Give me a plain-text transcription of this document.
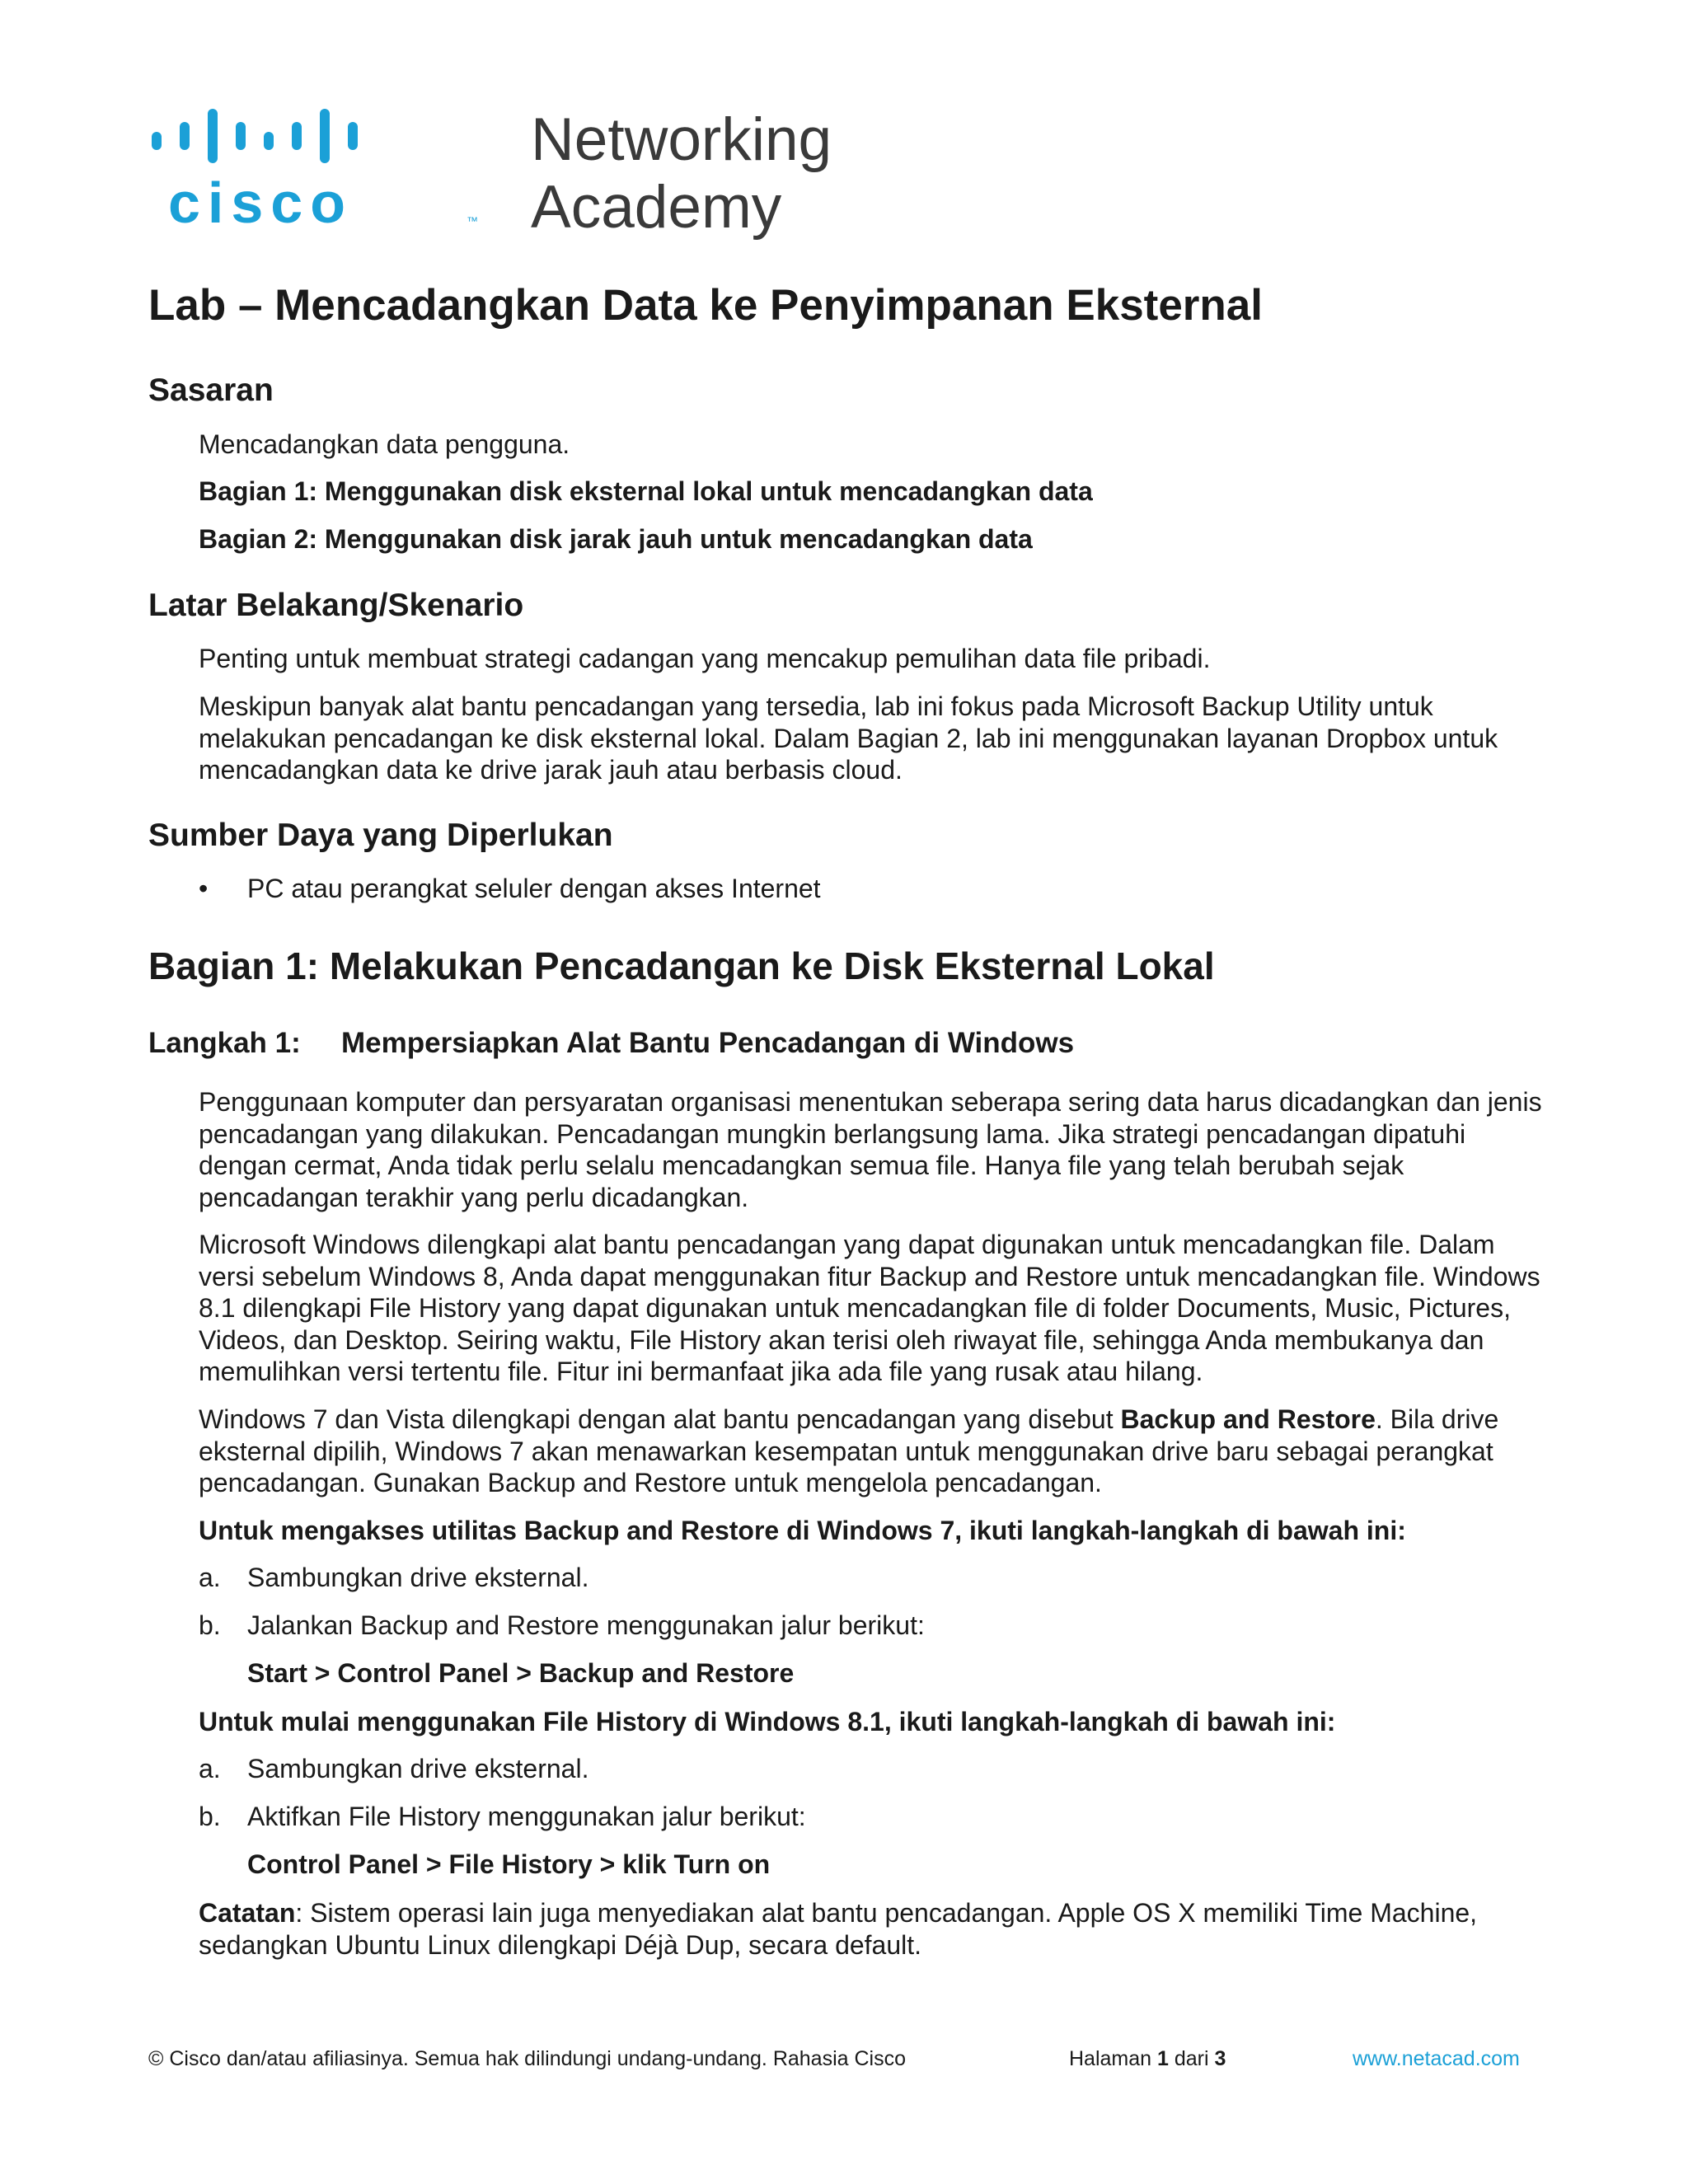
cisco	™
Networking
Academy
Lab – Mencadangkan Data ke Penyimpanan Eksternal
Sasaran

Mencadangkan data pengguna.

Bagian 1: Menggunakan disk eksternal lokal untuk mencadangkan data

Bagian 2: Menggunakan disk jarak jauh untuk mencadangkan data

Latar Belakang/Skenario

Penting untuk membuat strategi cadangan yang mencakup pemulihan data file pribadi.

Meskipun banyak alat bantu pencadangan yang tersedia, lab ini fokus pada Microsoft Backup Utility untuk melakukan pencadangan ke disk eksternal lokal. Dalam Bagian 2, lab ini menggunakan layanan Dropbox untuk mencadangkan data ke drive jarak jauh atau berbasis cloud.

Sumber Daya yang Diperlukan
• PC atau perangkat seluler dengan akses Internet
Bagian 1: Melakukan Pencadangan ke Disk Eksternal Lokal
Langkah 1: Mempersiapkan Alat Bantu Pencadangan di Windows

Penggunaan komputer dan persyaratan organisasi menentukan seberapa sering data harus dicadangkan dan jenis pencadangan yang dilakukan. Pencadangan mungkin berlangsung lama. Jika strategi pencadangan dipatuhi dengan cermat, Anda tidak perlu selalu mencadangkan semua file. Hanya file yang telah berubah sejak pencadangan terakhir yang perlu dicadangkan.

Microsoft Windows dilengkapi alat bantu pencadangan yang dapat digunakan untuk mencadangkan file. Dalam versi sebelum Windows 8, Anda dapat menggunakan fitur Backup and Restore untuk mencadangkan file. Windows 8.1 dilengkapi File History yang dapat digunakan untuk mencadangkan file di folder Documents, Music, Pictures, Videos, dan Desktop. Seiring waktu, File History akan terisi oleh riwayat file, sehingga Anda membukanya dan memulihkan versi tertentu file. Fitur ini bermanfaat jika ada file yang rusak atau hilang.

Windows 7 dan Vista dilengkapi dengan alat bantu pencadangan yang disebut Backup and Restore. Bila drive eksternal dipilih, Windows 7 akan menawarkan kesempatan untuk menggunakan drive baru sebagai perangkat pencadangan. Gunakan Backup and Restore untuk mengelola pencadangan.

Untuk mengakses utilitas Backup and Restore di Windows 7, ikuti langkah-langkah di bawah ini:

a. Sambungkan drive eksternal.
b. Jalankan Backup and Restore menggunakan jalur berikut:
Start > Control Panel > Backup and Restore

Untuk mulai menggunakan File History di Windows 8.1, ikuti langkah-langkah di bawah ini:

a. Sambungkan drive eksternal.
b. Aktifkan File History menggunakan jalur berikut:
Control Panel > File History > klik Turn on

Catatan: Sistem operasi lain juga menyediakan alat bantu pencadangan. Apple OS X memiliki Time Machine, sedangkan Ubuntu Linux dilengkapi Déjà Dup, secara default.

© Cisco dan/atau afiliasinya. Semua hak dilindungi undang-undang. Rahasia Cisco	Halaman 1 dari 3	www.netacad.com
